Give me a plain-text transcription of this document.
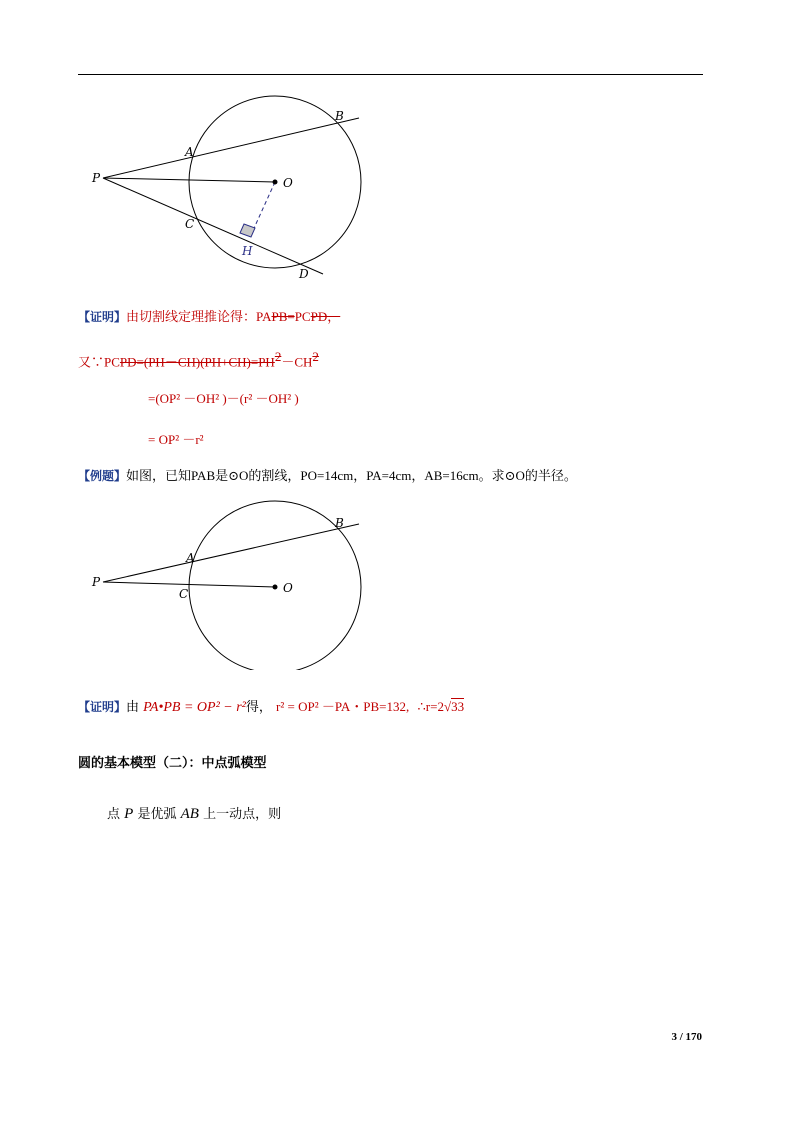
P
A
B
O
C
H
D
【证明】由切割线定理推论得：PAPB=PCPD，
又$\because PCPD=(PH-CH)(PH+CH)=PH^2-CH^2$
=(OP² －OH² )－(r² －OH² )
= OP² －r²
【例题】如图，已知PAB是⊙O的割线，PO=14cm，PA=4cm，AB=16cm。求⊙O的半径。
P
A
B
O
C
【证明】由 PA•PB = OP² − r²得， r² = OP² －PA・PB=132, ∴r=2√33
圆的基本模型（二）：中点弧模型
点 P 是优弧 AB 上一动点，则
3 / 170
